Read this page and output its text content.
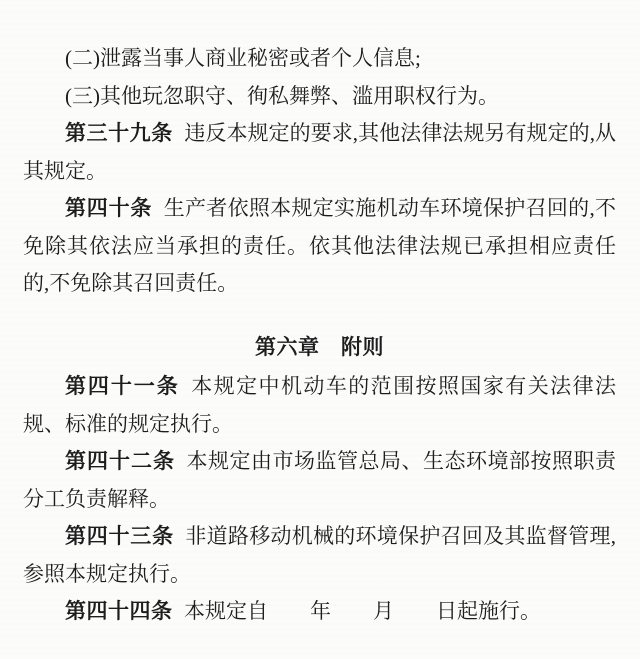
(二)泄露当事人商业秘密或者个人信息;

(三)其他玩忽职守、徇私舞弊、滥用职权行为。

第三十九条 违反本规定的要求,其他法律法规另有规定的,从其规定。

第四十条 生产者依照本规定实施机动车环境保护召回的,不免除其依法应当承担的责任。依其他法律法规已承担相应责任的,不免除其召回责任。

第六章　附则

第四十一条 本规定中机动车的范围按照国家有关法律法规、标准的规定执行。

第四十二条 本规定由市场监管总局、生态环境部按照职责分工负责解释。

第四十三条 非道路移动机械的环境保护召回及其监督管理,参照本规定执行。

第四十四条 本规定自　　年　　月　　日起施行。
